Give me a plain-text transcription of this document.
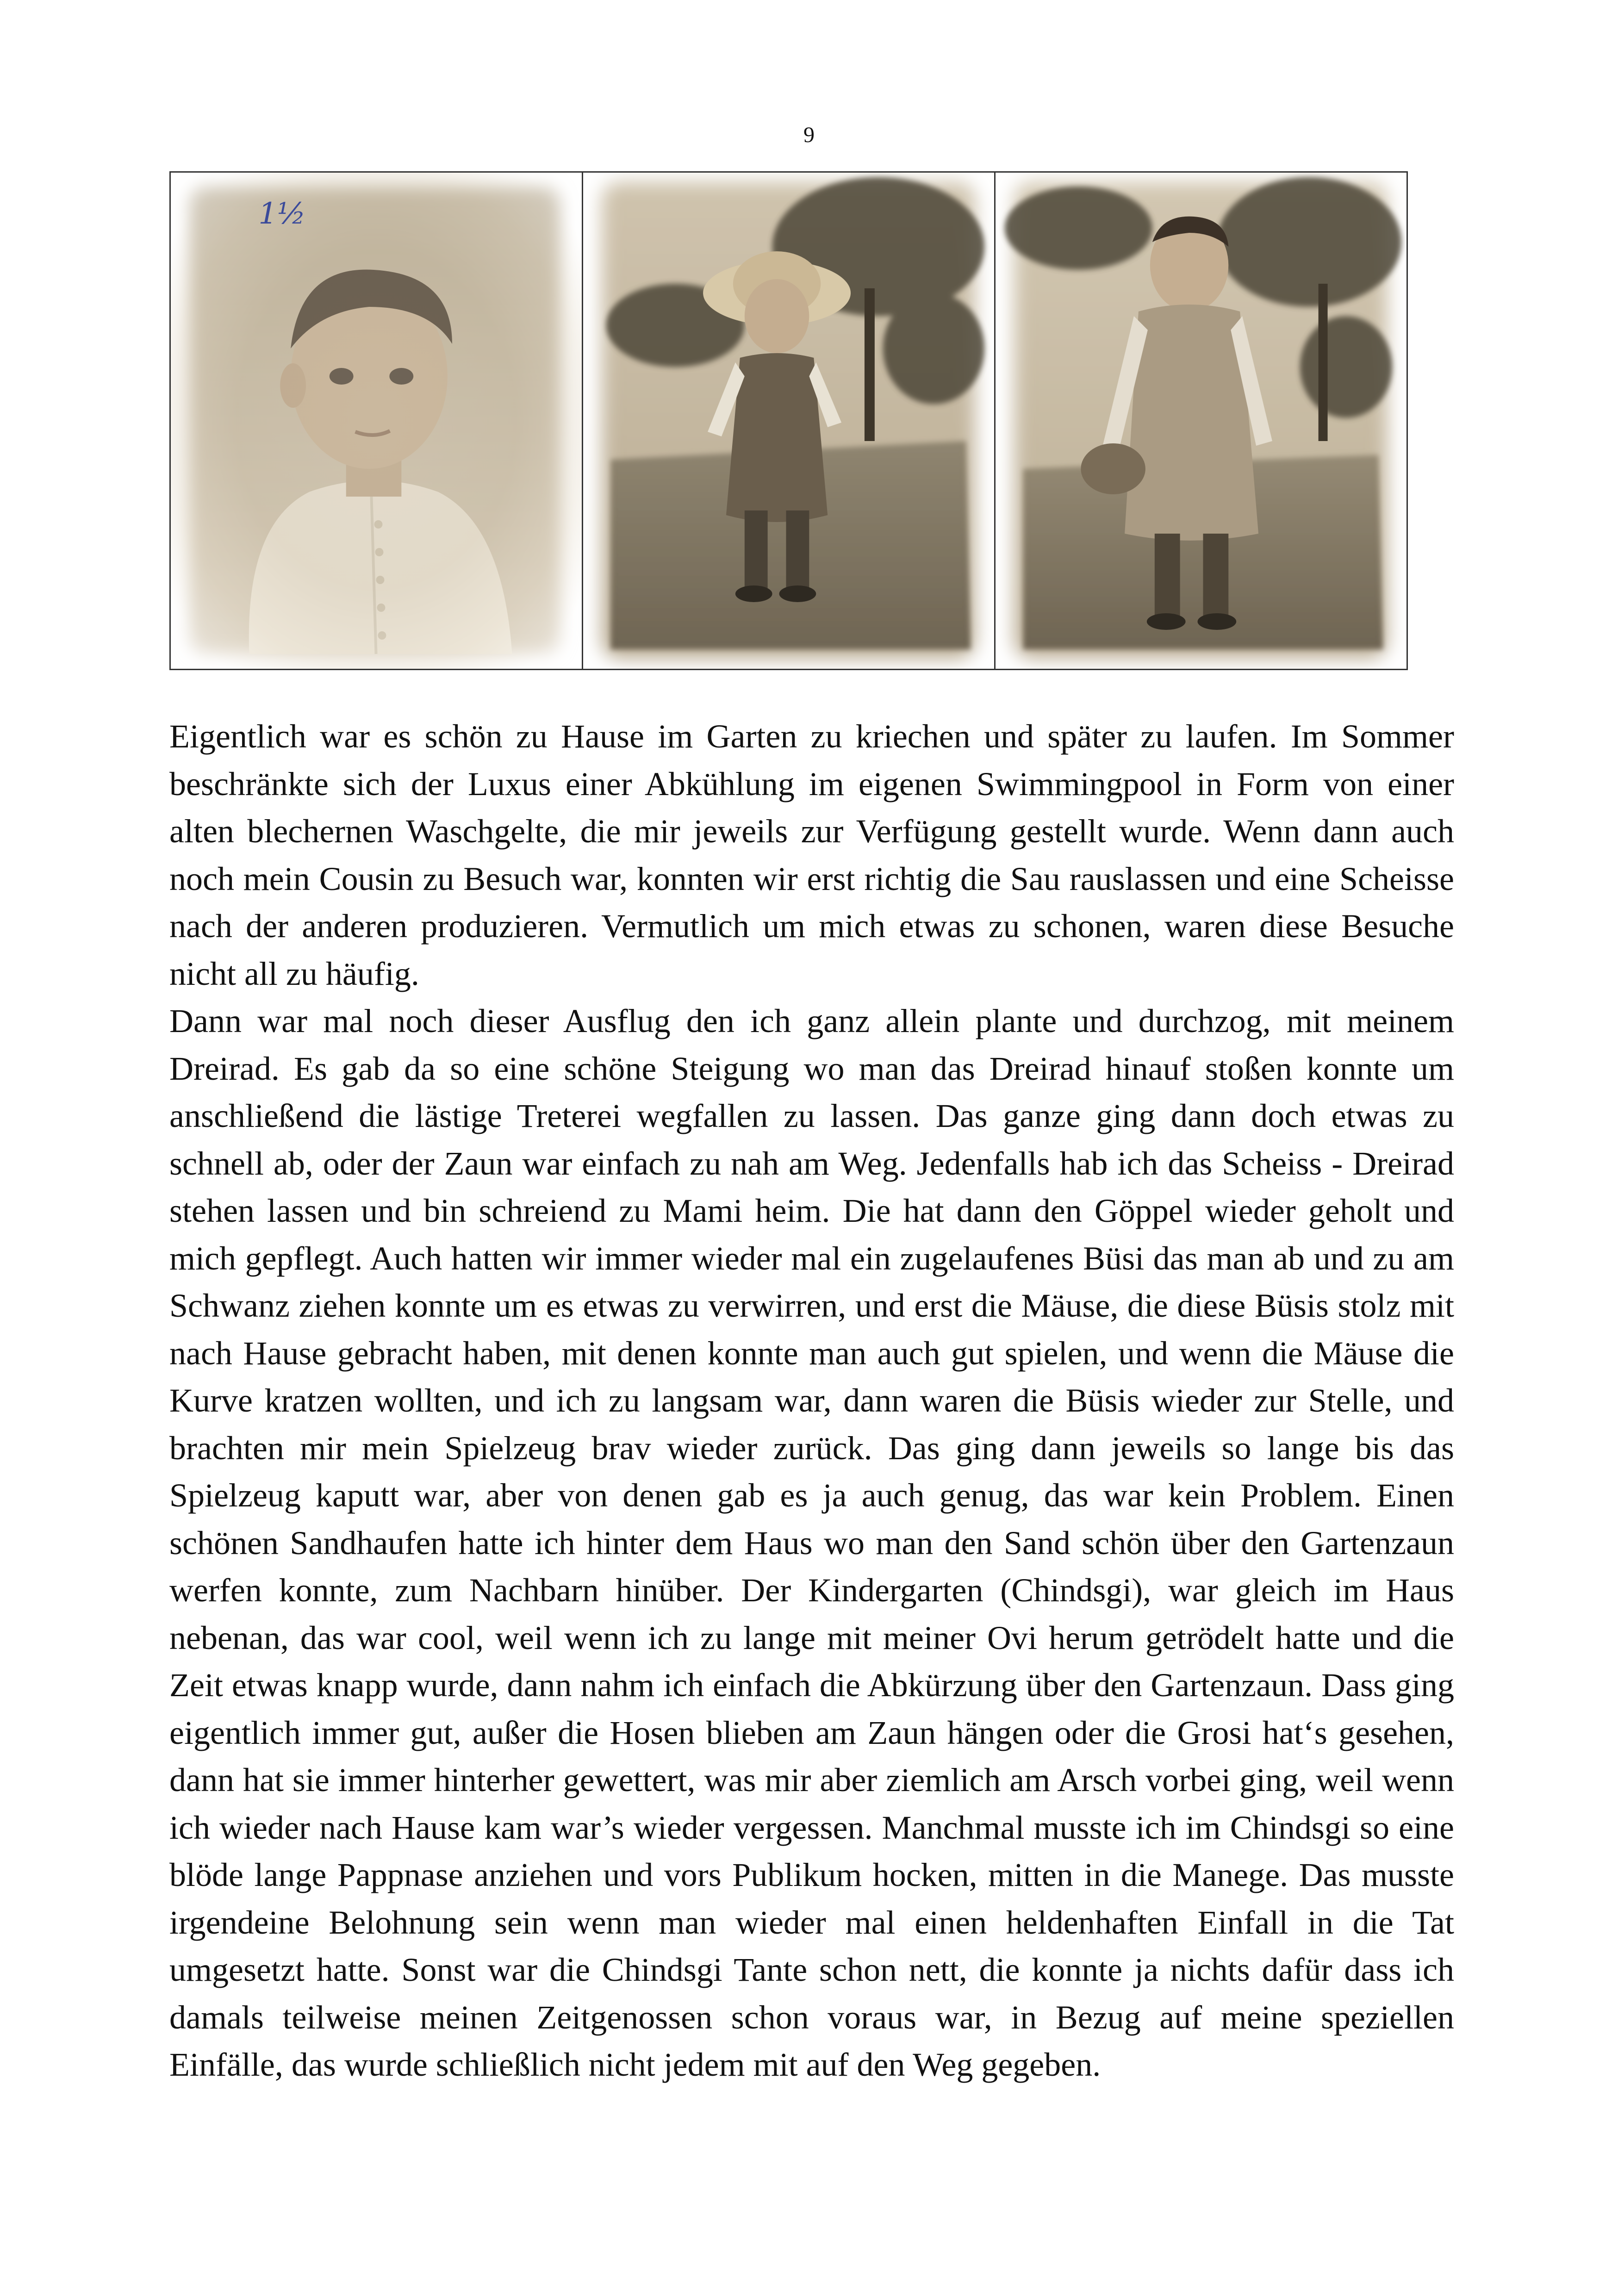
9
1½

Eigentlich war es schön zu Hause im Garten zu kriechen und später zu laufen. Im Sommer beschränkte sich der Luxus einer Abkühlung im eigenen Swimmingpool in Form von einer alten blechernen Waschgelte, die mir jeweils zur Verfügung gestellt wurde. Wenn dann auch noch mein Cousin zu Besuch war, konnten wir erst richtig die Sau rauslassen und eine Scheisse nach der anderen produzieren. Vermutlich um mich etwas zu schonen, waren diese Besuche nicht all zu häufig.

Dann war mal noch dieser Ausflug den ich ganz allein plante und durchzog, mit meinem Dreirad. Es gab da so eine schöne Steigung wo man das Dreirad hinauf stoßen konnte um anschließend die lästige Treterei wegfallen zu lassen. Das ganze ging dann doch etwas zu schnell ab, oder der Zaun war einfach zu nah am Weg. Jedenfalls hab ich das Scheiss - Dreirad stehen lassen und bin schreiend zu Mami heim. Die hat dann den Göppel wieder geholt und mich gepflegt. Auch hatten wir immer wieder mal ein zugelaufenes Büsi das man ab und zu am Schwanz ziehen konnte um es etwas zu verwirren, und erst die Mäuse, die diese Büsis stolz mit nach Hause gebracht haben, mit denen konnte man auch gut spielen, und wenn die Mäuse die Kurve kratzen wollten, und ich zu langsam war, dann waren die Büsis wieder zur Stelle, und brachten mir mein Spielzeug brav wieder zurück. Das ging dann jeweils so lange bis das Spielzeug kaputt war, aber von denen gab es ja auch genug, das war kein Problem. Einen schönen Sandhaufen hatte ich hinter dem Haus wo man den Sand schön über den Gartenzaun werfen konnte, zum Nachbarn hinüber. Der Kindergarten (Chindsgi), war gleich im Haus nebenan, das war cool, weil wenn ich zu lange mit meiner Ovi herum getrödelt hatte und die Zeit etwas knapp wurde, dann nahm ich einfach die Abkürzung über den Gartenzaun. Dass ging eigentlich immer gut, außer die Hosen blieben am Zaun hängen oder die Grosi hat‘s gesehen, dann hat sie immer hinterher gewettert, was mir aber ziemlich am Arsch vorbei ging, weil wenn ich wieder nach Hause kam war’s wieder vergessen. Manchmal musste ich im Chindsgi so eine blöde lange Pappnase anziehen und vors Publikum hocken, mitten in die Manege. Das musste irgendeine Belohnung sein wenn man wieder mal einen heldenhaften Einfall in die Tat umgesetzt hatte. Sonst war die Chindsgi Tante schon nett, die konnte ja nichts dafür dass ich damals teilweise meinen Zeitgenossen schon voraus war, in Bezug auf meine speziellen Einfälle, das wurde schließlich nicht jedem mit auf den Weg gegeben.
